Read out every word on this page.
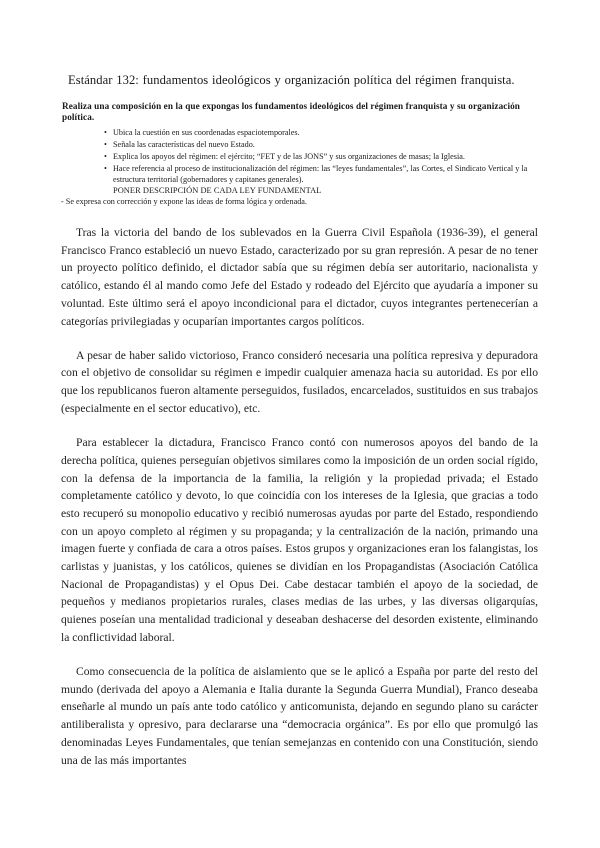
Estándar 132: fundamentos ideológicos y organización política del régimen franquista.
Realiza una composición en la que expongas los fundamentos ideológicos del régimen franquista y su organización política.
• Ubica la cuestión en sus coordenadas espaciotemporales.
• Señala las características del nuevo Estado.
• Explica los apoyos del régimen: el ejército; “FET y de las JONS” y sus organizaciones de masas; la Iglesia.
• Hace referencia al proceso de institucionalización del régimen: las “leyes fundamentales”, las Cortes, el Sindicato Vertical y la estructura territorial (gobernadores y capitanes generales).
PONER DESCRIPCIÓN DE CADA LEY FUNDAMENTAL
- Se expresa con corrección y expone las ideas de forma lógica y ordenada.

Tras la victoria del bando de los sublevados en la Guerra Civil Española (1936-39), el general Francisco Franco estableció un nuevo Estado, caracterizado por su gran represión. A pesar de no tener un proyecto político definido, el dictador sabía que su régimen debía ser autoritario, nacionalista y católico, estando él al mando como Jefe del Estado y rodeado del Ejército que ayudaría a imponer su voluntad. Este último será el apoyo incondicional para el dictador, cuyos integrantes pertenecerían a categorías privilegiadas y ocuparían importantes cargos políticos.

A pesar de haber salido victorioso, Franco consideró necesaria una política represiva y depuradora con el objetivo de consolidar su régimen e impedir cualquier amenaza hacia su autoridad. Es por ello que los republicanos fueron altamente perseguidos, fusilados, encarcelados, sustituidos en sus trabajos (especialmente en el sector educativo), etc.

Para establecer la dictadura, Francisco Franco contó con numerosos apoyos del bando de la derecha política, quienes perseguían objetivos similares como la imposición de un orden social rígido, con la defensa de la importancia de la familia, la religión y la propiedad privada; el Estado completamente católico y devoto, lo que coincidía con los intereses de la Iglesia, que gracias a todo esto recuperó su monopolio educativo y recibió numerosas ayudas por parte del Estado, respondiendo con un apoyo completo al régimen y su propaganda; y la centralización de la nación, primando una imagen fuerte y confiada de cara a otros países. Estos grupos y organizaciones eran los falangistas, los carlistas y juanistas, y los católicos, quienes se dividían en los Propagandistas (Asociación Católica Nacional de Propagandistas) y el Opus Dei. Cabe destacar también el apoyo de la sociedad, de pequeños y medianos propietarios rurales, clases medias de las urbes, y las diversas oligarquías, quienes poseían una mentalidad tradicional y deseaban deshacerse del desorden existente, eliminando la conflictividad laboral.

Como consecuencia de la política de aislamiento que se le aplicó a España por parte del resto del mundo (derivada del apoyo a Alemania e Italia durante la Segunda Guerra Mundial), Franco deseaba enseñarle al mundo un país ante todo católico y anticomunista, dejando en segundo plano su carácter antiliberalista y opresivo, para declararse una “democracia orgánica”. Es por ello que promulgó las denominadas Leyes Fundamentales, que tenían semejanzas en contenido con una Constitución, siendo una de las más importantes
